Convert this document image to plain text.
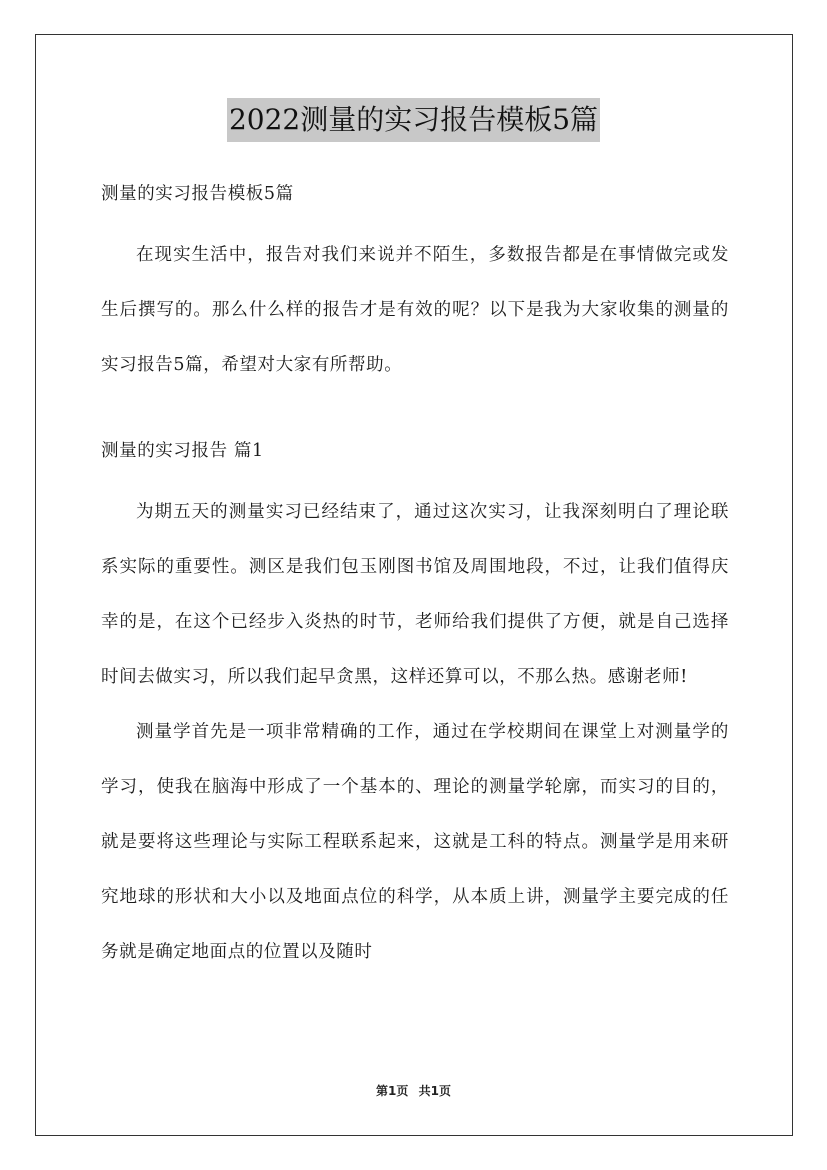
2022测量的实习报告模板5篇
测量的实习报告模板5篇

在现实生活中，报告对我们来说并不陌生，多数报告都是在事情做完或发生后撰写的。那么什么样的报告才是有效的呢？以下是我为大家收集的测量的实习报告5篇，希望对大家有所帮助。

测量的实习报告 篇1

为期五天的测量实习已经结束了，通过这次实习，让我深刻明白了理论联系实际的重要性。测区是我们包玉刚图书馆及周围地段，不过，让我们值得庆幸的是，在这个已经步入炎热的时节，老师给我们提供了方便，就是自己选择时间去做实习，所以我们起早贪黑，这样还算可以，不那么热。感谢老师!

测量学首先是一项非常精确的工作，通过在学校期间在课堂上对测量学的学习，使我在脑海中形成了一个基本的、理论的测量学轮廓，而实习的目的，就是要将这些理论与实际工程联系起来，这就是工科的特点。测量学是用来研究地球的形状和大小以及地面点位的科学，从本质上讲，测量学主要完成的任务就是确定地面点的位置以及随时

第1页 共1页
